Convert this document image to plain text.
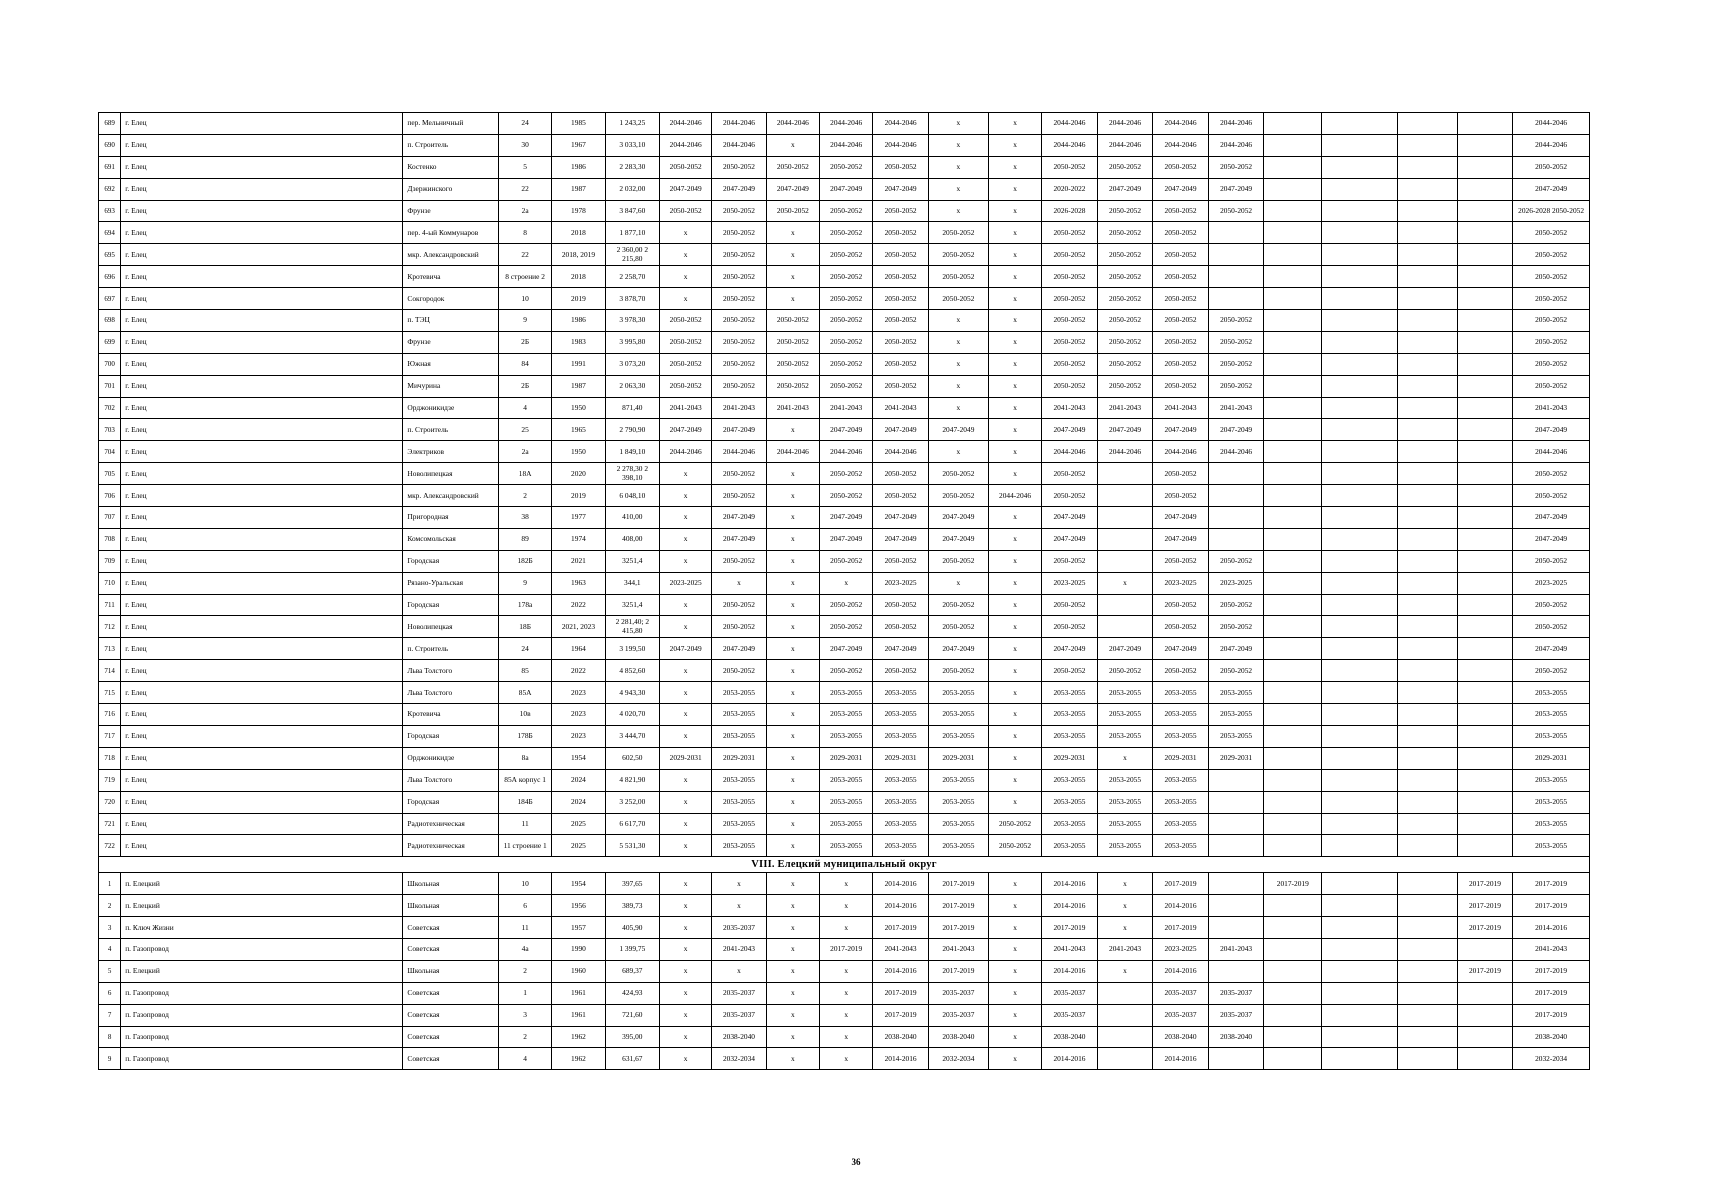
689	г. Елец	пер. Мельничный	24	1985	1 243,25	2044-2046	2044-2046	2044-2046	2044-2046	2044-2046	x	x	2044-2046	2044-2046	2044-2046	2044-2046					2044-2046
690	г. Елец	п. Строитель	30	1967	3 033,10	2044-2046	2044-2046	x	2044-2046	2044-2046	x	x	2044-2046	2044-2046	2044-2046	2044-2046					2044-2046
691	г. Елец	Костенко	5	1986	2 283,30	2050-2052	2050-2052	2050-2052	2050-2052	2050-2052	x	x	2050-2052	2050-2052	2050-2052	2050-2052					2050-2052
692	г. Елец	Дзержинского	22	1987	2 032,00	2047-2049	2047-2049	2047-2049	2047-2049	2047-2049	x	x	2020-2022	2047-2049	2047-2049	2047-2049					2047-2049
693	г. Елец	Фрунзе	2а	1978	3 847,60	2050-2052	2050-2052	2050-2052	2050-2052	2050-2052	x	x	2026-2028	2050-2052	2050-2052	2050-2052					2026-2028 2050-2052
694	г. Елец	пер. 4-ый Коммунаров	8	2018	1 877,10	x	2050-2052	x	2050-2052	2050-2052	2050-2052	x	2050-2052	2050-2052	2050-2052						2050-2052
695	г. Елец	мкр. Александровский	22	2018, 2019	2 360,00 2 215,80	x	2050-2052	x	2050-2052	2050-2052	2050-2052	x	2050-2052	2050-2052	2050-2052						2050-2052
696	г. Елец	Кротевича	8 строение 2	2018	2 258,70	x	2050-2052	x	2050-2052	2050-2052	2050-2052	x	2050-2052	2050-2052	2050-2052						2050-2052
697	г. Елец	Сокгородок	10	2019	3 878,70	x	2050-2052	x	2050-2052	2050-2052	2050-2052	x	2050-2052	2050-2052	2050-2052						2050-2052
698	г. Елец	п. ТЭЦ	9	1986	3 978,30	2050-2052	2050-2052	2050-2052	2050-2052	2050-2052	x	x	2050-2052	2050-2052	2050-2052	2050-2052					2050-2052
699	г. Елец	Фрунзе	2Б	1983	3 995,80	2050-2052	2050-2052	2050-2052	2050-2052	2050-2052	x	x	2050-2052	2050-2052	2050-2052	2050-2052					2050-2052
700	г. Елец	Южная	84	1991	3 073,20	2050-2052	2050-2052	2050-2052	2050-2052	2050-2052	x	x	2050-2052	2050-2052	2050-2052	2050-2052					2050-2052
701	г. Елец	Мичурина	2Б	1987	2 063,30	2050-2052	2050-2052	2050-2052	2050-2052	2050-2052	x	x	2050-2052	2050-2052	2050-2052	2050-2052					2050-2052
702	г. Елец	Орджоникидзе	4	1950	871,40	2041-2043	2041-2043	2041-2043	2041-2043	2041-2043	x	x	2041-2043	2041-2043	2041-2043	2041-2043					2041-2043
703	г. Елец	п. Строитель	25	1965	2 790,90	2047-2049	2047-2049	x	2047-2049	2047-2049	2047-2049	x	2047-2049	2047-2049	2047-2049	2047-2049					2047-2049
704	г. Елец	Электриков	2а	1950	1 849,10	2044-2046	2044-2046	2044-2046	2044-2046	2044-2046	x	x	2044-2046	2044-2046	2044-2046	2044-2046					2044-2046
705	г. Елец	Новолипецкая	18А	2020	2 278,30 2 398,10	x	2050-2052	x	2050-2052	2050-2052	2050-2052	x	2050-2052		2050-2052						2050-2052
706	г. Елец	мкр. Александровский	2	2019	6 048,10	x	2050-2052	x	2050-2052	2050-2052	2050-2052	2044-2046	2050-2052		2050-2052						2050-2052
707	г. Елец	Пригородная	38	1977	410,00	x	2047-2049	x	2047-2049	2047-2049	2047-2049	x	2047-2049		2047-2049						2047-2049
708	г. Елец	Комсомольская	89	1974	408,00	x	2047-2049	x	2047-2049	2047-2049	2047-2049	x	2047-2049		2047-2049						2047-2049
709	г. Елец	Городская	182Б	2021	3251,4	x	2050-2052	x	2050-2052	2050-2052	2050-2052	x	2050-2052		2050-2052	2050-2052					2050-2052
710	г. Елец	Рязано-Уральская	9	1963	344,1	2023-2025	x	x	x	2023-2025	x	x	2023-2025	x	2023-2025	2023-2025					2023-2025
711	г. Елец	Городская	178а	2022	3251,4	x	2050-2052	x	2050-2052	2050-2052	2050-2052	x	2050-2052		2050-2052	2050-2052					2050-2052
712	г. Елец	Новолипецкая	18Б	2021, 2023	2 281,40; 2 415,80	x	2050-2052	x	2050-2052	2050-2052	2050-2052	x	2050-2052		2050-2052	2050-2052					2050-2052
713	г. Елец	п. Строитель	24	1964	3 199,50	2047-2049	2047-2049	x	2047-2049	2047-2049	2047-2049	x	2047-2049	2047-2049	2047-2049	2047-2049					2047-2049
714	г. Елец	Льва Толстого	85	2022	4 852,60	x	2050-2052	x	2050-2052	2050-2052	2050-2052	x	2050-2052	2050-2052	2050-2052	2050-2052					2050-2052
715	г. Елец	Льва Толстого	85А	2023	4 943,30	x	2053-2055	x	2053-2055	2053-2055	2053-2055	x	2053-2055	2053-2055	2053-2055	2053-2055					2053-2055
716	г. Елец	Кротевича	10в	2023	4 020,70	x	2053-2055	x	2053-2055	2053-2055	2053-2055	x	2053-2055	2053-2055	2053-2055	2053-2055					2053-2055
717	г. Елец	Городская	178Б	2023	3 444,70	x	2053-2055	x	2053-2055	2053-2055	2053-2055	x	2053-2055	2053-2055	2053-2055	2053-2055					2053-2055
718	г. Елец	Орджоникидзе	8а	1954	602,50	2029-2031	2029-2031	x	2029-2031	2029-2031	2029-2031	x	2029-2031	x	2029-2031	2029-2031					2029-2031
719	г. Елец	Льва Толстого	85А корпус 1	2024	4 821,90	x	2053-2055	x	2053-2055	2053-2055	2053-2055	x	2053-2055	2053-2055	2053-2055						2053-2055
720	г. Елец	Городская	184Б	2024	3 252,00	x	2053-2055	x	2053-2055	2053-2055	2053-2055	x	2053-2055	2053-2055	2053-2055						2053-2055
721	г. Елец	Радиотехническая	11	2025	6 617,70	x	2053-2055	x	2053-2055	2053-2055	2053-2055	2050-2052	2053-2055	2053-2055	2053-2055						2053-2055
722	г. Елец	Радиотехническая	11 строение 1	2025	5 531,30	x	2053-2055	x	2053-2055	2053-2055	2053-2055	2050-2052	2053-2055	2053-2055	2053-2055						2053-2055
VIII. Елецкий муниципальный округ																					
1	п. Елецкий	Школьная	10	1954	397,65	x	x	x	x	2014-2016	2017-2019	x	2014-2016	x	2017-2019		2017-2019			2017-2019	2017-2019
2	п. Елецкий	Школьная	6	1956	389,73	x	x	x	x	2014-2016	2017-2019	x	2014-2016	x	2014-2016					2017-2019	2017-2019
3	п. Ключ Жизни	Советская	11	1957	405,90	x	2035-2037	x	x	2017-2019	2017-2019	x	2017-2019	x	2017-2019					2017-2019	2014-2016
4	п. Газопровод	Советская	4а	1990	1 399,75	x	2041-2043	x	2017-2019	2041-2043	2041-2043	x	2041-2043	2041-2043	2023-2025	2041-2043					2041-2043
5	п. Елецкий	Школьная	2	1960	689,37	x	x	x	x	2014-2016	2017-2019	x	2014-2016	x	2014-2016					2017-2019	2017-2019
6	п. Газопровод	Советская	1	1961	424,93	x	2035-2037	x	x	2017-2019	2035-2037	x	2035-2037		2035-2037	2035-2037					2017-2019
7	п. Газопровод	Советская	3	1961	721,60	x	2035-2037	x	x	2017-2019	2035-2037	x	2035-2037		2035-2037	2035-2037					2017-2019
8	п. Газопровод	Советская	2	1962	395,00	x	2038-2040	x	x	2038-2040	2038-2040	x	2038-2040		2038-2040	2038-2040					2038-2040
9	п. Газопровод	Советская	4	1962	631,67	x	2032-2034	x	x	2014-2016	2032-2034	x	2014-2016		2014-2016						2032-2034
36
